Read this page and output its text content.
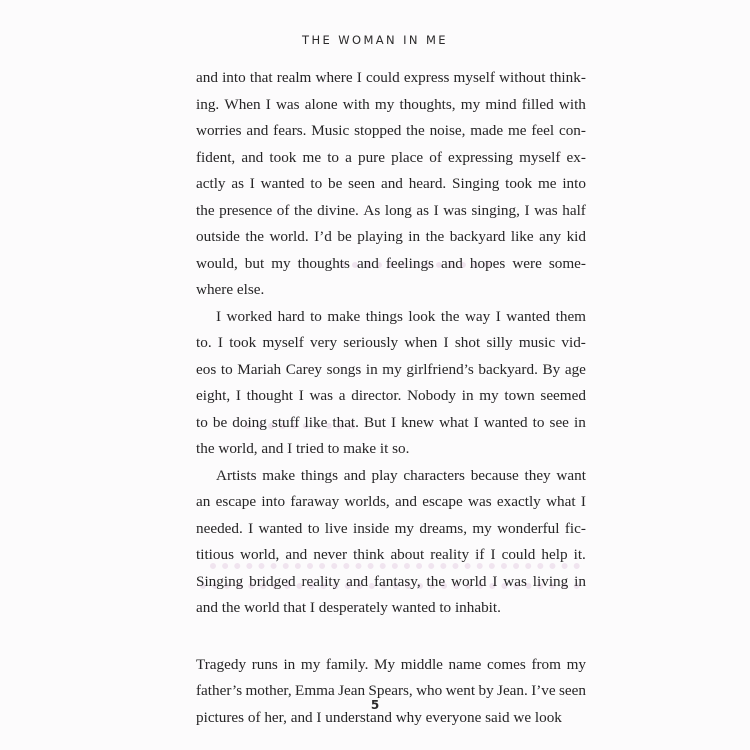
THE WOMAN IN ME
and into that realm where I could express myself without think-
ing. When I was alone with my thoughts, my mind filled with
worries and fears. Music stopped the noise, made me feel con-
fident, and took me to a pure place of expressing myself ex-
actly as I wanted to be seen and heard. Singing took me into
the presence of the divine. As long as I was singing, I was half
outside the world. I’d be playing in the backyard like any kid
would, but my thoughts and feelings and hopes were some-
where else.
I worked hard to make things look the way I wanted them
to. I took myself very seriously when I shot silly music vid-
eos to Mariah Carey songs in my girlfriend’s backyard. By age
eight, I thought I was a director. Nobody in my town seemed
to be doing stuff like that. But I knew what I wanted to see in
the world, and I tried to make it so.
Artists make things and play characters because they want
an escape into faraway worlds, and escape was exactly what I
needed. I wanted to live inside my dreams, my wonderful fic-
titious world, and never think about reality if I could help it.
Singing bridged reality and fantasy, the world I was living in
and the world that I desperately wanted to inhabit.
Tragedy runs in my family. My middle name comes from my
father’s mother, Emma Jean Spears, who went by Jean. I’ve seen
pictures of her, and I understand why everyone said we look
5
